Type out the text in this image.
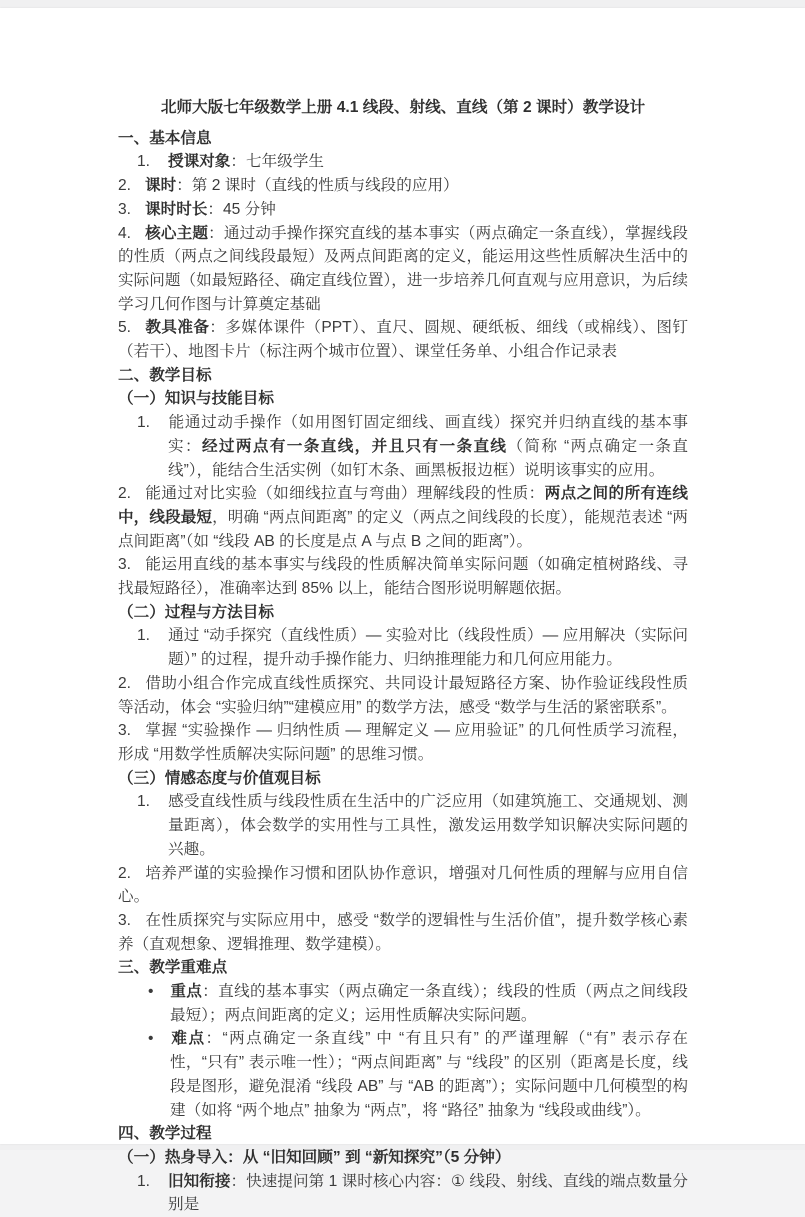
北师大版七年级数学上册 4.1 线段、射线、直线（第 2 课时）教学设计
一、基本信息
1. 授课对象：七年级学生
2. 课时：第 2 课时（直线的性质与线段的应用）
3. 课时时长：45 分钟
4. 核心主题：通过动手操作探究直线的基本事实（两点确定一条直线），掌握线段的性质（两点之间线段最短）及两点间距离的定义，能运用这些性质解决生活中的实际问题（如最短路径、确定直线位置），进一步培养几何直观与应用意识，为后续学习几何作图与计算奠定基础
5. 教具准备：多媒体课件（PPT）、直尺、圆规、硬纸板、细线（或棉线）、图钉（若干）、地图卡片（标注两个城市位置）、课堂任务单、小组合作记录表
二、教学目标
（一）知识与技能目标
1. 能通过动手操作（如用图钉固定细线、画直线）探究并归纳直线的基本事实：经过两点有一条直线，并且只有一条直线（简称 “两点确定一条直线”），能结合生活实例（如钉木条、画黑板报边框）说明该事实的应用。
2. 能通过对比实验（如细线拉直与弯曲）理解线段的性质：两点之间的所有连线中，线段最短，明确 “两点间距离” 的定义（两点之间线段的长度），能规范表述 “两点间距离”（如 “线段 AB 的长度是点 A 与点 B 之间的距离”）。
3. 能运用直线的基本事实与线段的性质解决简单实际问题（如确定植树路线、寻找最短路径），准确率达到 85% 以上，能结合图形说明解题依据。
（二）过程与方法目标
1. 通过 “动手探究（直线性质）— 实验对比（线段性质）— 应用解决（实际问题）” 的过程，提升动手操作能力、归纳推理能力和几何应用能力。
2. 借助小组合作完成直线性质探究、共同设计最短路径方案、协作验证线段性质等活动，体会 “实验归纳”“建模应用” 的数学方法，感受 “数学与生活的紧密联系”。
3. 掌握 “实验操作 — 归纳性质 — 理解定义 — 应用验证” 的几何性质学习流程，形成 “用数学性质解决实际问题” 的思维习惯。
（三）情感态度与价值观目标
1. 感受直线性质与线段性质在生活中的广泛应用（如建筑施工、交通规划、测量距离），体会数学的实用性与工具性，激发运用数学知识解决实际问题的兴趣。
2. 培养严谨的实验操作习惯和团队协作意识，增强对几何性质的理解与应用自信心。
3. 在性质探究与实际应用中，感受 “数学的逻辑性与生活价值”，提升数学核心素养（直观想象、逻辑推理、数学建模）。
三、教学重难点
• 重点：直线的基本事实（两点确定一条直线）；线段的性质（两点之间线段最短）；两点间距离的定义；运用性质解决实际问题。
• 难点：“两点确定一条直线” 中 “有且只有” 的严谨理解（“有” 表示存在性，“只有” 表示唯一性）；“两点间距离” 与 “线段” 的区别（距离是长度，线段是图形，避免混淆 “线段 AB” 与 “AB 的距离”）；实际问题中几何模型的构建（如将 “两个地点” 抽象为 “两点”，将 “路径” 抽象为 “线段或曲线”）。
四、教学过程
（一）热身导入：从 “旧知回顾” 到 “新知探究”（5 分钟）
1. 旧知衔接：快速提问第 1 课时核心内容：① 线段、射线、直线的端点数量分别是
